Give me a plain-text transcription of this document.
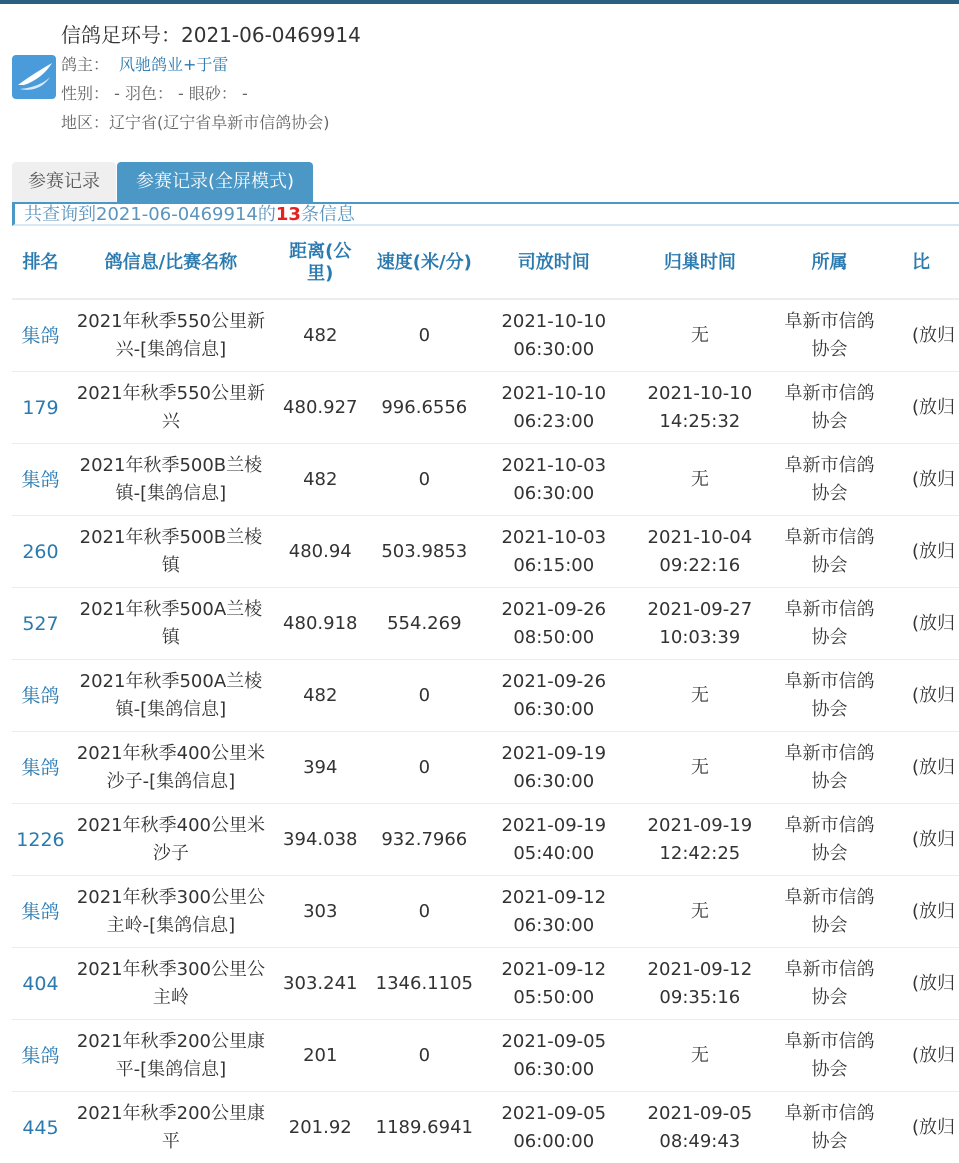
信鸽足环号：2021-06-0469914
鸽主： 风驰鸽业+于雷
性别： - 羽色： - 眼砂： -
地区：辽宁省(辽宁省阜新市信鸽协会)
参赛记录	参赛记录(全屏模式)
共查询到2021-06-0469914的13条信息
排名	鸽信息/比赛名称	距离(公里)	速度(米/分)	司放时间	归巢时间	所属	比
集鸽	2021年秋季550公里新兴-[集鸽信息]	482	0	2021-10-10 06:30:00	无	阜新市信鸽协会	(放归
179	2021年秋季550公里新兴	480.927	996.6556	2021-10-10 06:23:00	2021-10-10 14:25:32	阜新市信鸽协会	(放归
集鸽	2021年秋季500B兰棱镇-[集鸽信息]	482	0	2021-10-03 06:30:00	无	阜新市信鸽协会	(放归
260	2021年秋季500B兰棱镇	480.94	503.9853	2021-10-03 06:15:00	2021-10-04 09:22:16	阜新市信鸽协会	(放归
527	2021年秋季500A兰棱镇	480.918	554.269	2021-09-26 08:50:00	2021-09-27 10:03:39	阜新市信鸽协会	(放归
集鸽	2021年秋季500A兰棱镇-[集鸽信息]	482	0	2021-09-26 06:30:00	无	阜新市信鸽协会	(放归
集鸽	2021年秋季400公里米沙子-[集鸽信息]	394	0	2021-09-19 06:30:00	无	阜新市信鸽协会	(放归
1226	2021年秋季400公里米沙子	394.038	932.7966	2021-09-19 05:40:00	2021-09-19 12:42:25	阜新市信鸽协会	(放归
集鸽	2021年秋季300公里公主岭-[集鸽信息]	303	0	2021-09-12 06:30:00	无	阜新市信鸽协会	(放归
404	2021年秋季300公里公主岭	303.241	1346.1105	2021-09-12 05:50:00	2021-09-12 09:35:16	阜新市信鸽协会	(放归
集鸽	2021年秋季200公里康平-[集鸽信息]	201	0	2021-09-05 06:30:00	无	阜新市信鸽协会	(放归
445	2021年秋季200公里康平	201.92	1189.6941	2021-09-05 06:00:00	2021-09-05 08:49:43	阜新市信鸽协会	(放归
